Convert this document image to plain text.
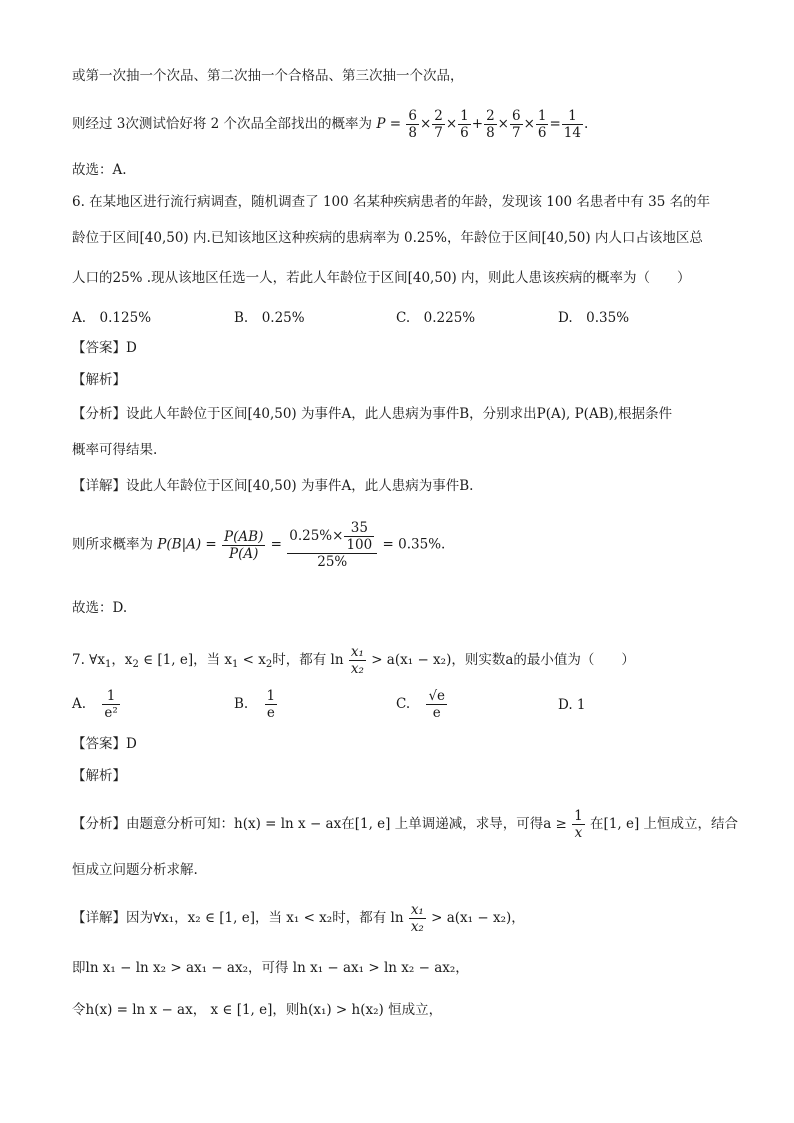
或第一次抽一个次品、第二次抽一个合格品、第三次抽一个次品，
则经过 3次测试恰好将 2 个次品全部找出的概率为 $P = \frac{6}{8} \times \frac{2}{7} \times \frac{1}{6} + \frac{2}{8} \times \frac{6}{7} \times \frac{1}{6} = \frac{1}{14}$ .
故选：A.
6. 在某地区进行流行病调查，随机调查了 100 名某种疾病患者的年龄，发现该 100 名患者中有 35 名的年
龄位于区间[40,50) 内.已知该地区这种疾病的患病率为 0.25%，年龄位于区间[40,50) 内人口占该地区总
人口的25% .现从该地区任选一人，若此人年龄位于区间[40,50) 内，则此人患该疾病的概率为（　　）
A.　0.125%	B.　0.25%	C.　0.225%	D.　0.35%
【答案】D
【解析】
【分析】设此人年龄位于区间[40,50) 为事件A，此人患病为事件B，分别求出P(A), P(AB),根据条件
概率可得结果.
【详解】设此人年龄位于区间[40,50) 为事件A，此人患病为事件B.
则所求概率为 $P(B|A) = \frac{P(AB)}{P(A)} = \frac{0.25\%\times \frac{35}{100}}{25\%} = 0.35\%$.
故选：D.
7. $\forall x_1$，$x_2$ ∈ [1, e]，当 $x_1 < x_2$时，都有 $\ln \frac{\text{x₁}}{\text{x₂}} > a(x_1 - x_2)$，则实数a的最小值为（　　）
A. $\frac{1}{\text{e²}}$	B. $\frac{1}{e}$	C. $\frac{√e}{e}$	D. 1
【答案】D
【解析】
【分析】由题意分析可知：h(x) = ln x − ax在[1, e] 上单调递减，求导，可得$a \ge \frac{1}{x}$ 在[1, e] 上恒成立，结合
恒成立问题分析求解.
【详解】因为∀x₁，x₂ ∈ [1, e]，当 x₁ < x₂时，都有 $\ln \frac{\text{x₁}}{\text{x₂}} > a(x_1 - x_2)$，
即ln x₁ − ln x₂ > ax₁ − ax₂，可得 ln x₁ − ax₁ > ln x₂ − ax₂，
令h(x) = ln x − ax， x ∈ [1, e]，则h(x₁) > h(x₂) 恒成立，
